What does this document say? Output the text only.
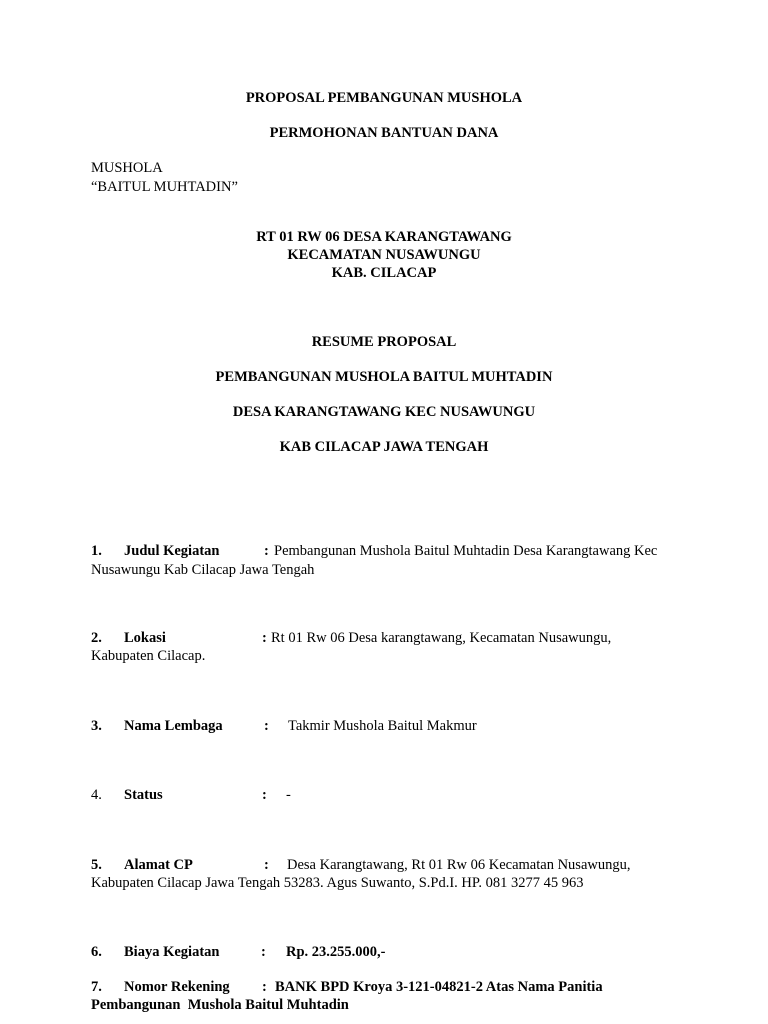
PROPOSAL PEMBANGUNAN MUSHOLA
PERMOHONAN BANTUAN DANA
MUSHOLA
“BAITUL MUHTADIN”
RT 01 RW 06 DESA KARANGTAWANG
KECAMATAN NUSAWUNGU
KAB. CILACAP
RESUME PROPOSAL
PEMBANGUNAN MUSHOLA BAITUL MUHTADIN
DESA KARANGTAWANG KEC NUSAWUNGU
KAB CILACAP JAWA TENGAH
1. Judul Kegiatan	: Pembangunan Mushola Baitul Muhtadin Desa Karangtawang Kec
Nusawungu Kab Cilacap Jawa Tengah
2. Lokasi	: Rt 01 Rw 06 Desa karangtawang, Kecamatan Nusawungu,
Kabupaten Cilacap.
3. Nama Lembaga	: Takmir Mushola Baitul Makmur
4. Status	: -
5. Alamat CP	: Desa Karangtawang, Rt 01 Rw 06 Kecamatan Nusawungu,
Kabupaten Cilacap Jawa Tengah 53283. Agus Suwanto, S.Pd.I. HP. 081 3277 45 963
6. Biaya Kegiatan	: Rp. 23.255.000,-
7. Nomor Rekening : BANK BPD Kroya 3-121-04821-2 Atas Nama Panitia
Pembangunan  Mushola Baitul Muhtadin
